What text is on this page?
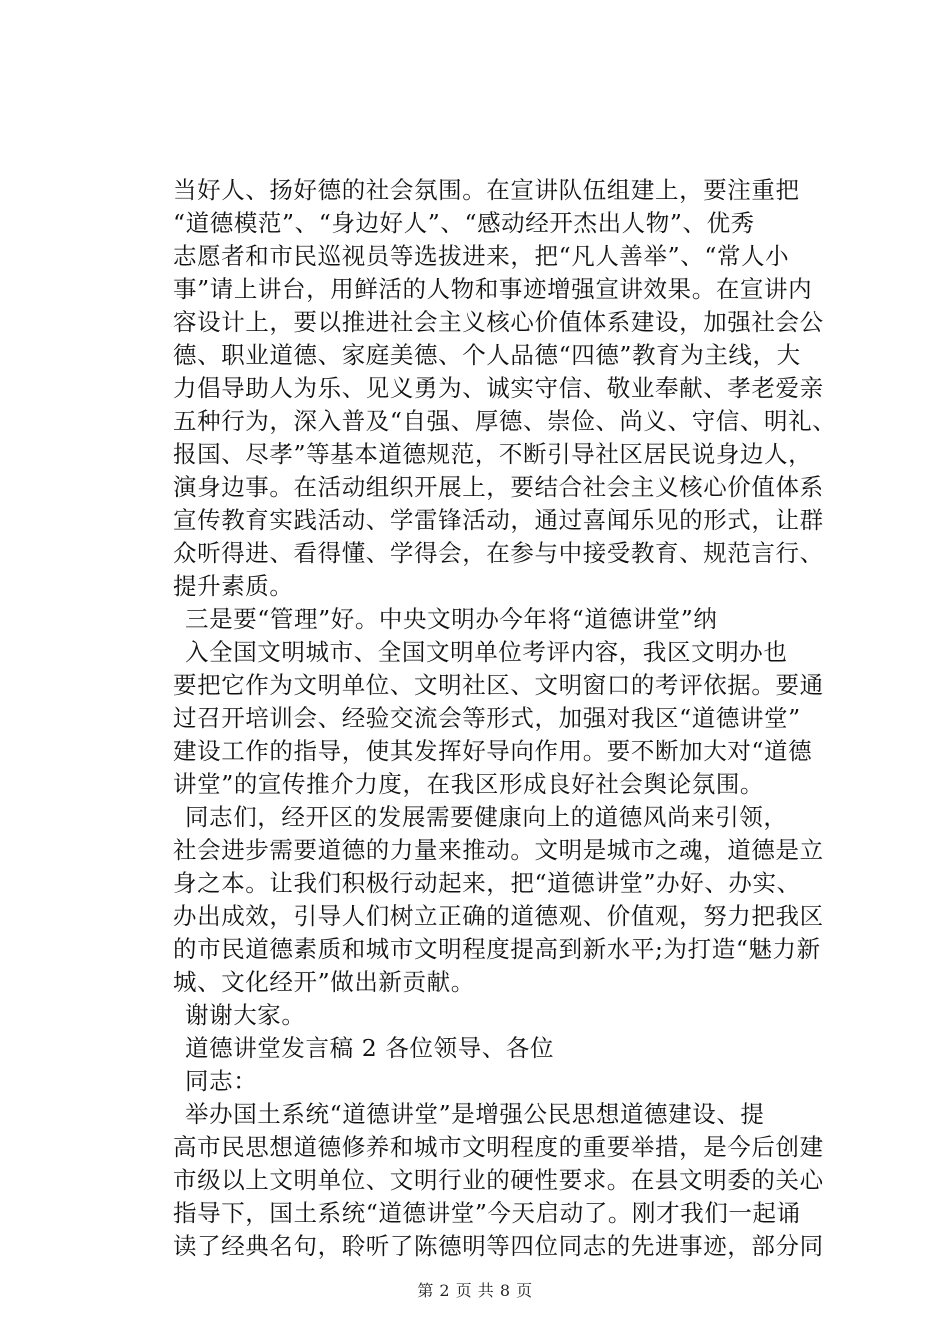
当好人、扬好德的社会氛围。在宣讲队伍组建上，要注重把
“道德模范”、“身边好人”、“感动经开杰出人物”、优秀
志愿者和市民巡视员等选拔进来，把“凡人善举”、“常人小
事”请上讲台，用鲜活的人物和事迹增强宣讲效果。在宣讲内
容设计上，要以推进社会主义核心价值体系建设，加强社会公
德、职业道德、家庭美德、个人品德“四德”教育为主线，大
力倡导助人为乐、见义勇为、诚实守信、敬业奉献、孝老爱亲
五种行为，深入普及“自强、厚德、崇俭、尚义、守信、明礼、
报国、尽孝”等基本道德规范，不断引导社区居民说身边人，
演身边事。在活动组织开展上，要结合社会主义核心价值体系
宣传教育实践活动、学雷锋活动，通过喜闻乐见的形式，让群
众听得进、看得懂、学得会，在参与中接受教育、规范言行、
提升素质。
三是要“管理”好。中央文明办今年将“道德讲堂”纳
入全国文明城市、全国文明单位考评内容，我区文明办也
要把它作为文明单位、文明社区、文明窗口的考评依据。要通
过召开培训会、经验交流会等形式，加强对我区“道德讲堂”
建设工作的指导，使其发挥好导向作用。要不断加大对“道德
讲堂”的宣传推介力度，在我区形成良好社会舆论氛围。
同志们，经开区的发展需要健康向上的道德风尚来引领，
社会进步需要道德的力量来推动。文明是城市之魂，道德是立
身之本。让我们积极行动起来，把“道德讲堂”办好、办实、
办出成效，引导人们树立正确的道德观、价值观，努力把我区
的市民道德素质和城市文明程度提高到新水平;为打造“魅力新
城、文化经开”做出新贡献。
谢谢大家。
道德讲堂发言稿 2 各位领导、各位
同志：
举办国土系统“道德讲堂”是增强公民思想道德建设、提
高市民思想道德修养和城市文明程度的重要举措，是今后创建
市级以上文明单位、文明行业的硬性要求。在县文明委的关心
指导下，国土系统“道德讲堂”今天启动了。刚才我们一起诵
读了经典名句，聆听了陈德明等四位同志的先进事迹，部分同
第 2 页 共 8 页
